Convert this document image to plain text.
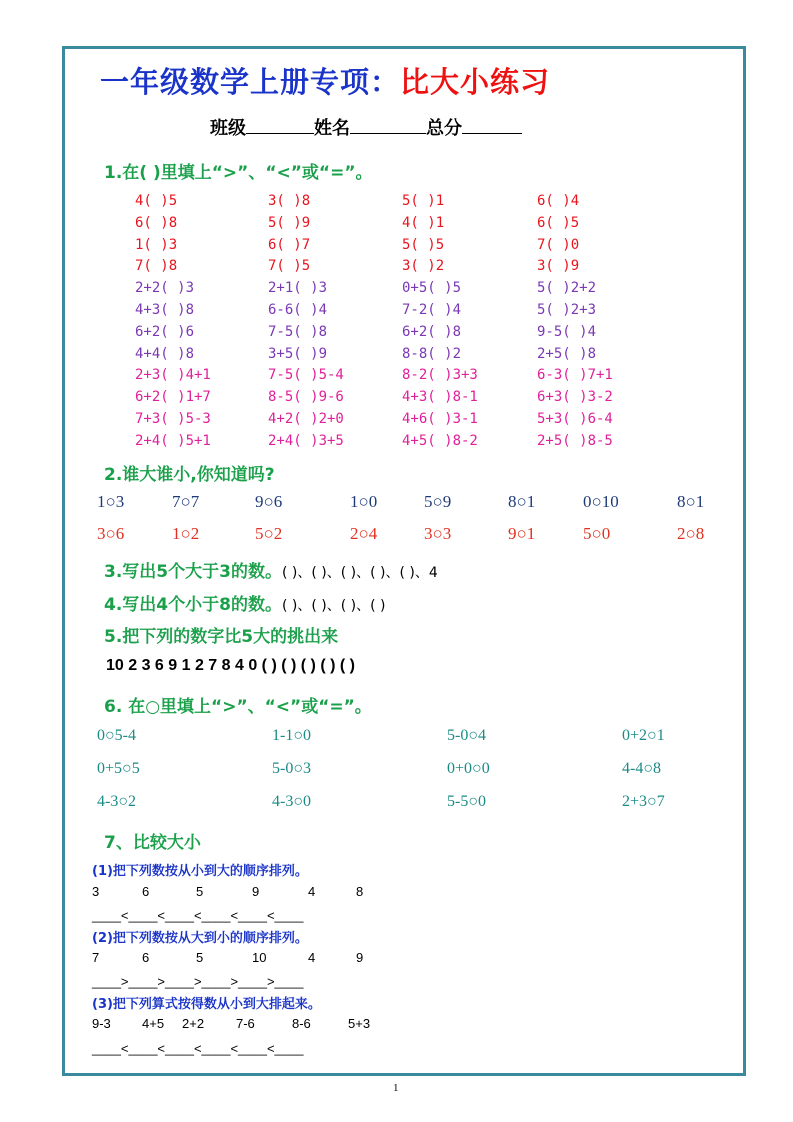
一年级数学上册专项：比大小练习
班级	姓名	总分
1.在( )里填上“>”、“<”或“=”。
4( )5	3( )8	5( )1	6( )4
6( )8	5( )9	4( )1	6( )5
1( )3	6( )7	5( )5	7( )0
7( )8	7( )5	3( )2	3( )9
2+2( )3	2+1( )3	0+5( )5	5( )2+2
4+3( )8	6-6( )4	7-2( )4	5( )2+3
6+2( )6	7-5( )8	6+2( )8	9-5( )4
4+4( )8	3+5( )9	8-8( )2	2+5( )8
2+3( )4+1	7-5( )5-4	8-2( )3+3	6-3( )7+1
6+2( )1+7	8-5( )9-6	4+3( )8-1	6+3( )3-2
7+3( )5-3	4+2( )2+0	4+6( )3-1	5+3( )6-4
2+4( )5+1	2+4( )3+5	4+5( )8-2	2+5( )8-5
2.谁大谁小,你知道吗?
1○3	7○7	9○6	1○0	5○9	8○1	0○10	8○1
3○6	1○2	5○2	2○4	3○3	9○1	5○0	2○8
3.写出5个大于3的数。( )、( )、( )、( )、( )、4
4.写出4个小于8的数。( )、( )、( )、( )
5.把下列的数字比5大的挑出来
10 2 3 6 9 1 2 7 8 4 0 ( ) ( ) ( ) ( ) ( )
6. 在○里填上“>”、“<”或“=”。
0○5-4	1-1○0	5-0○4	0+2○1
0+5○5	5-0○3	0+0○0	4-4○8
4-3○2	4-3○0	5-5○0	2+3○7
7、比较大小
(1)把下列数按从小到大的顺序排列。
3	6	5	9	4	8
____<____<____<____<____<____
(2)把下列数按从大到小的顺序排列。
7	6	5	10	4	9
____>____>____>____>____>____
(3)把下列算式按得数从小到大排起来。
9-3 4+5 2+2 7-6	8-6	5+3
____<____<____<____<____<____
1
